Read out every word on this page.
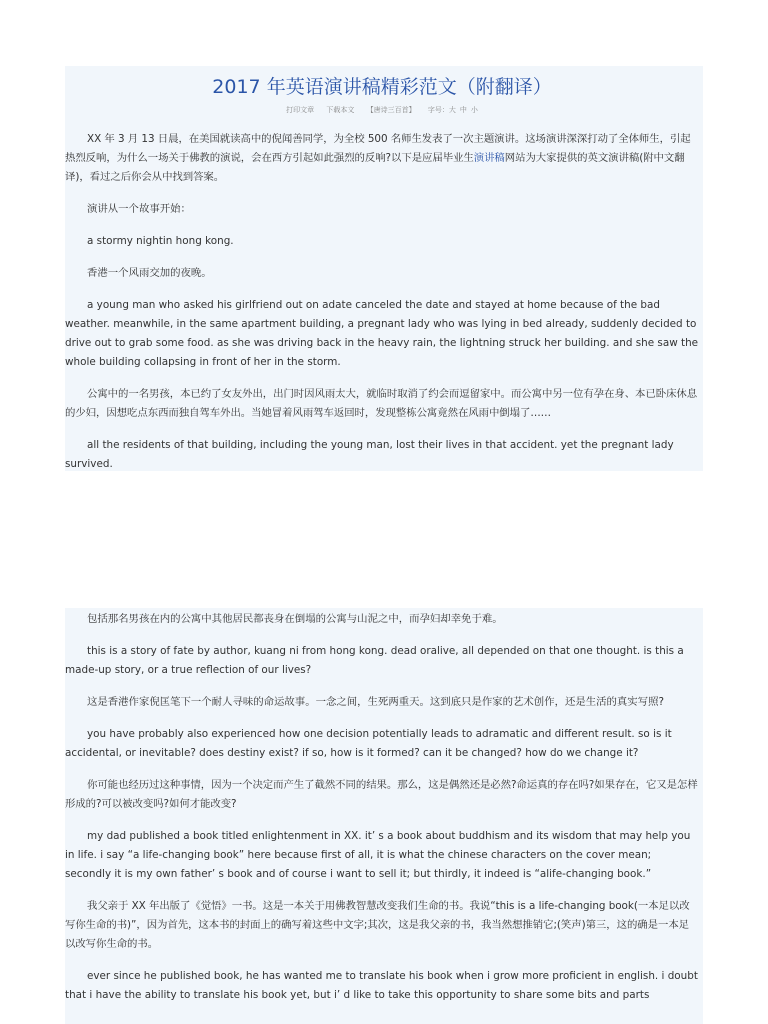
2017 年英语演讲稿精彩范文（附翻译）
打印文章 下载本文 【唐诗三百首】 字号：大 中 小

XX 年 3 月 13 日晨，在美国就读高中的倪闻善同学，为全校 500 名师生发表了一次主题演讲。这场演讲深深打动了全体师生，引起热烈反响，为什么一场关于佛教的演说，会在西方引起如此强烈的反响?以下是应届毕业生演讲稿网站为大家提供的英文演讲稿(附中文翻译)，看过之后你会从中找到答案。

演讲从一个故事开始：

a stormy nightin hong kong.

香港一个风雨交加的夜晚。

a young man who asked his girlfriend out on adate canceled the date and stayed at home because of the bad weather. meanwhile, in the same apartment building, a pregnant lady who was lying in bed already, suddenly decided to drive out to grab some food. as she was driving back in the heavy rain, the lightning struck her building. and she saw the whole building collapsing in front of her in the storm.

公寓中的一名男孩，本已约了女友外出，出门时因风雨太大，就临时取消了约会而逗留家中。而公寓中另一位有孕在身、本已卧床休息的少妇，因想吃点东西而独自驾车外出。当她冒着风雨驾车返回时，发现整栋公寓竟然在风雨中倒塌了……

all the residents of that building, including the young man, lost their lives in that accident. yet the pregnant lady survived.

包括那名男孩在内的公寓中其他居民都丧身在倒塌的公寓与山泥之中，而孕妇却幸免于难。

this is a story of fate by author, kuang ni from hong kong. dead oralive, all depended on that one thought. is this a made-up story, or a true reflection of our lives?

这是香港作家倪匡笔下一个耐人寻味的命运故事。一念之间，生死两重天。这到底只是作家的艺术创作，还是生活的真实写照?

you have probably also experienced how one decision potentially leads to adramatic and different result. so is it accidental, or inevitable? does destiny exist? if so, how is it formed? can it be changed? how do we change it?

你可能也经历过这种事情，因为一个决定而产生了截然不同的结果。那么，这是偶然还是必然?命运真的存在吗?如果存在，它又是怎样形成的?可以被改变吗?如何才能改变?

my dad published a book titled enlightenment in XX. it’ s a book about buddhism and its wisdom that may help you in life. i say “a life-changing book” here because first of all, it is what the chinese characters on the cover mean; secondly it is my own father’ s book and of course i want to sell it; but thirdly, it indeed is “alife-changing book.”

我父亲于 XX 年出版了《觉悟》一书。这是一本关于用佛教智慧改变我们生命的书。我说“this is a life-changing book(一本足以改写你生命的书)”，因为首先，这本书的封面上的确写着这些中文字;其次，这是我父亲的书，我当然想推销它;(笑声)第三，这的确是一本足以改写你生命的书。

ever since he published book, he has wanted me to translate his book when i grow more proficient in english. i doubt that i have the ability to translate his book yet, but i’ d like to take this opportunity to share some bits and parts
